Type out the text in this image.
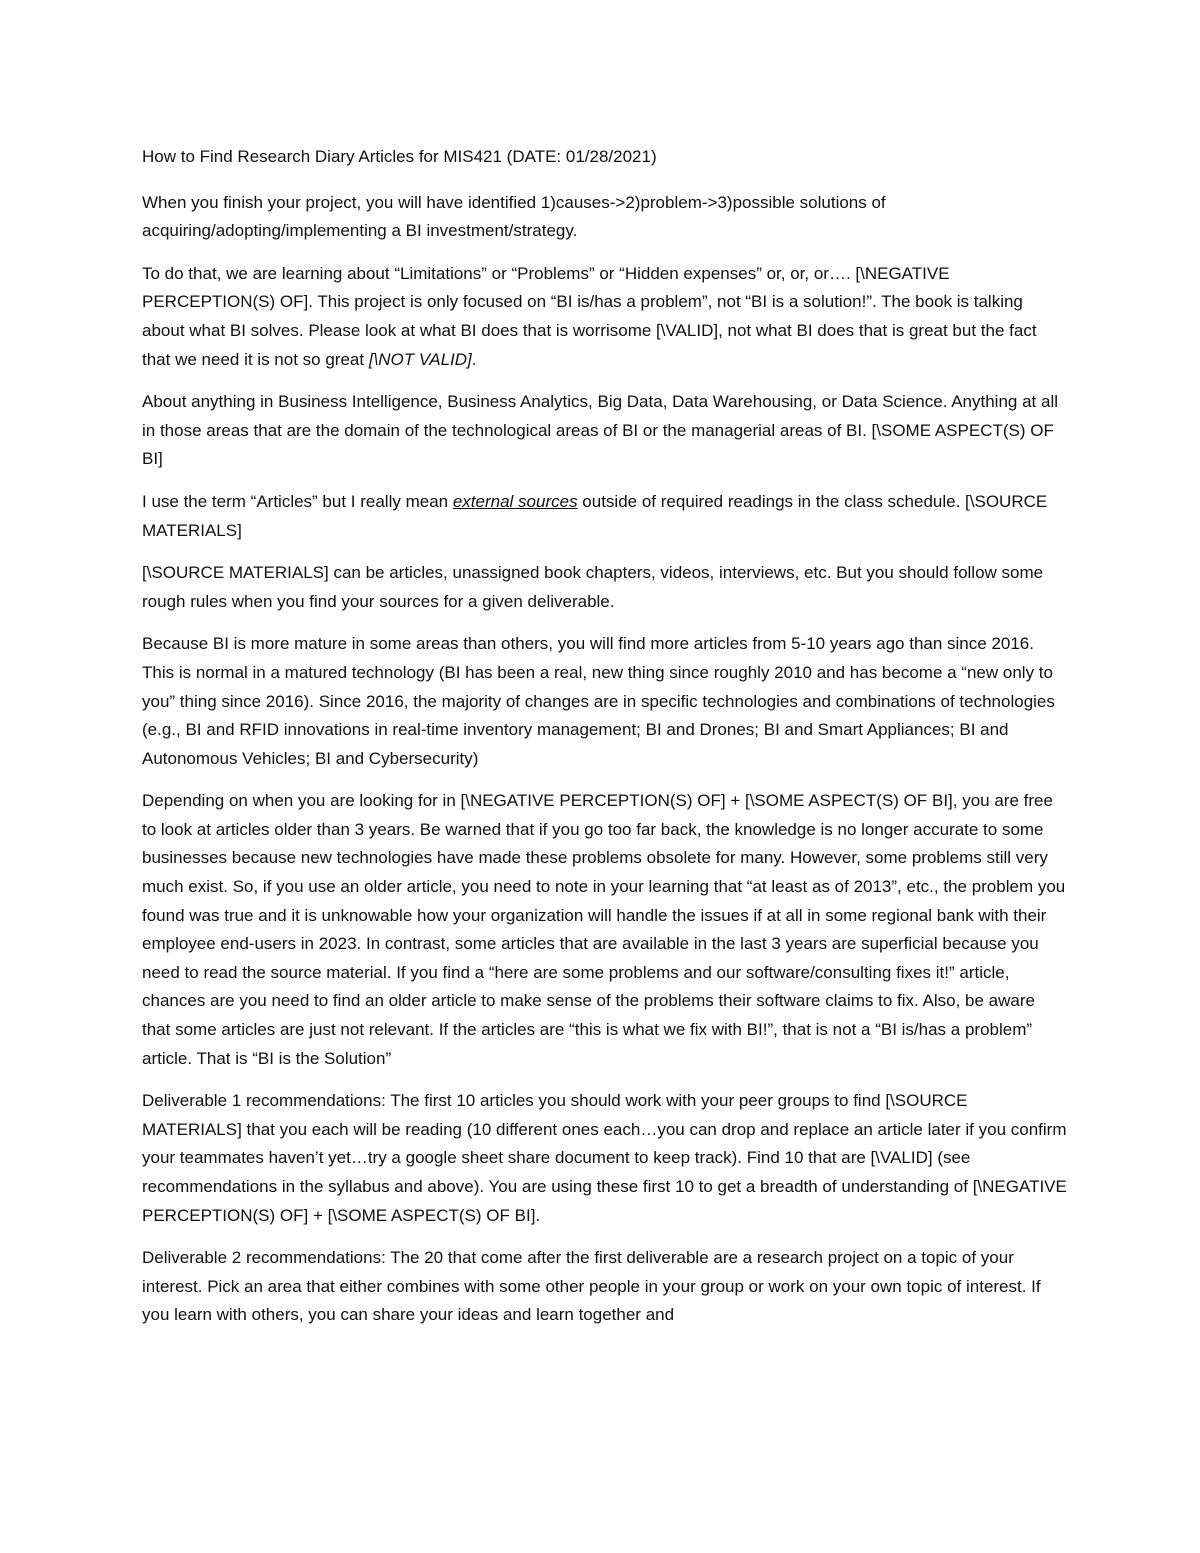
How to Find Research Diary Articles for MIS421 (DATE: 01/28/2021)

When you finish your project, you will have identified 1)causes->2)problem->3)possible solutions of acquiring/adopting/implementing a BI investment/strategy.

To do that, we are learning about “Limitations” or “Problems” or “Hidden expenses” or, or, or…. [\NEGATIVE PERCEPTION(S) OF]. This project is only focused on “BI is/has a problem”, not “BI is a solution!”. The book is talking about what BI solves. Please look at what BI does that is worrisome [\VALID], not what BI does that is great but the fact that we need it is not so great [\NOT VALID].

About anything in Business Intelligence, Business Analytics, Big Data, Data Warehousing, or Data Science. Anything at all in those areas that are the domain of the technological areas of BI or the managerial areas of BI. [\SOME ASPECT(S) OF BI]

I use the term “Articles” but I really mean external sources outside of required readings in the class schedule. [\SOURCE MATERIALS]

[\SOURCE MATERIALS] can be articles, unassigned book chapters, videos, interviews, etc. But you should follow some rough rules when you find your sources for a given deliverable.

Because BI is more mature in some areas than others, you will find more articles from 5-10 years ago than since 2016. This is normal in a matured technology (BI has been a real, new thing since roughly 2010 and has become a “new only to you” thing since 2016). Since 2016, the majority of changes are in specific technologies and combinations of technologies (e.g., BI and RFID innovations in real-time inventory management; BI and Drones; BI and Smart Appliances; BI and Autonomous Vehicles; BI and Cybersecurity)

Depending on when you are looking for in [\NEGATIVE PERCEPTION(S) OF] + [\SOME ASPECT(S) OF BI], you are free to look at articles older than 3 years. Be warned that if you go too far back, the knowledge is no longer accurate to some businesses because new technologies have made these problems obsolete for many. However, some problems still very much exist. So, if you use an older article, you need to note in your learning that “at least as of 2013”, etc., the problem you found was true and it is unknowable how your organization will handle the issues if at all in some regional bank with their employee end-users in 2023. In contrast, some articles that are available in the last 3 years are superficial because you need to read the source material. If you find a “here are some problems and our software/consulting fixes it!” article, chances are you need to find an older article to make sense of the problems their software claims to fix. Also, be aware that some articles are just not relevant. If the articles are “this is what we fix with BI!”, that is not a “BI is/has a problem” article. That is “BI is the Solution”

Deliverable 1 recommendations: The first 10 articles you should work with your peer groups to find [\SOURCE MATERIALS] that you each will be reading (10 different ones each…you can drop and replace an article later if you confirm your teammates haven’t yet…try a google sheet share document to keep track). Find 10 that are [\VALID] (see recommendations in the syllabus and above). You are using these first 10 to get a breadth of understanding of [\NEGATIVE PERCEPTION(S) OF] + [\SOME ASPECT(S) OF BI].

Deliverable 2 recommendations: The 20 that come after the first deliverable are a research project on a topic of your interest. Pick an area that either combines with some other people in your group or work on your own topic of interest. If you learn with others, you can share your ideas and learn together and
